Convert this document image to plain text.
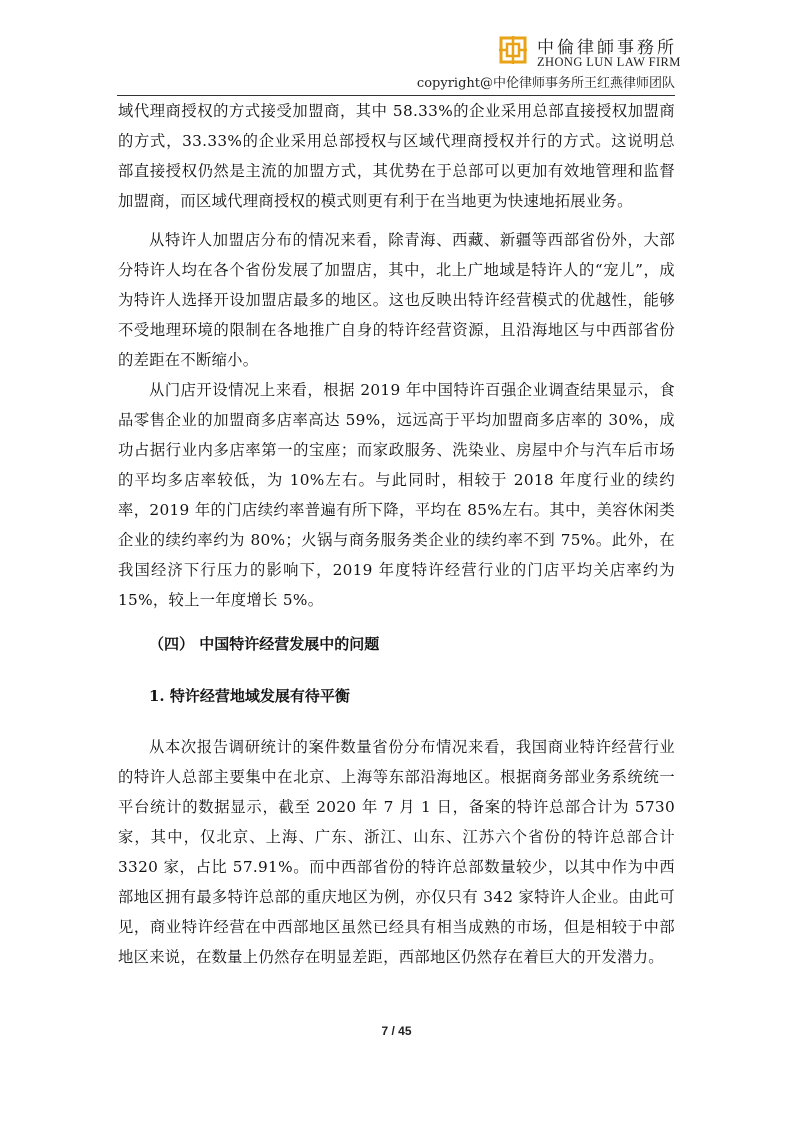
中倫律師事務所
ZHONG LUN LAW FIRM
copyright@中伦律师事务所王红燕律师团队

域代理商授权的方式接受加盟商，其中 58.33%的企业采用总部直接授权加盟商的方式，33.33%的企业采用总部授权与区域代理商授权并行的方式。这说明总部直接授权仍然是主流的加盟方式，其优势在于总部可以更加有效地管理和监督加盟商，而区域代理商授权的模式则更有利于在当地更为快速地拓展业务。

从特许人加盟店分布的情况来看，除青海、西藏、新疆等西部省份外，大部分特许人均在各个省份发展了加盟店，其中，北上广地域是特许人的“宠儿”，成为特许人选择开设加盟店最多的地区。这也反映出特许经营模式的优越性，能够不受地理环境的限制在各地推广自身的特许经营资源，且沿海地区与中西部省份的差距在不断缩小。

从门店开设情况上来看，根据 2019 年中国特许百强企业调查结果显示，食品零售企业的加盟商多店率高达 59%，远远高于平均加盟商多店率的 30%，成功占据行业内多店率第一的宝座；而家政服务、洗染业、房屋中介与汽车后市场的平均多店率较低，为 10%左右。与此同时，相较于 2018 年度行业的续约率，2019 年的门店续约率普遍有所下降，平均在 85%左右。其中，美容休闲类企业的续约率约为 80%；火锅与商务服务类企业的续约率不到 75%。此外，在我国经济下行压力的影响下，2019 年度特许经营行业的门店平均关店率约为 15%，较上一年度增长 5%。

（四） 中国特许经营发展中的问题
1. 特许经营地域发展有待平衡

从本次报告调研统计的案件数量省份分布情况来看，我国商业特许经营行业的特许人总部主要集中在北京、上海等东部沿海地区。根据商务部业务系统统一平台统计的数据显示，截至 2020 年 7 月 1 日，备案的特许总部合计为 5730 家，其中，仅北京、上海、广东、浙江、山东、江苏六个省份的特许总部合计 3320 家，占比 57.91%。而中西部省份的特许总部数量较少，以其中作为中西部地区拥有最多特许总部的重庆地区为例，亦仅只有 342 家特许人企业。由此可见，商业特许经营在中西部地区虽然已经具有相当成熟的市场，但是相较于中部地区来说，在数量上仍然存在明显差距，西部地区仍然存在着巨大的开发潜力。

7 / 45
